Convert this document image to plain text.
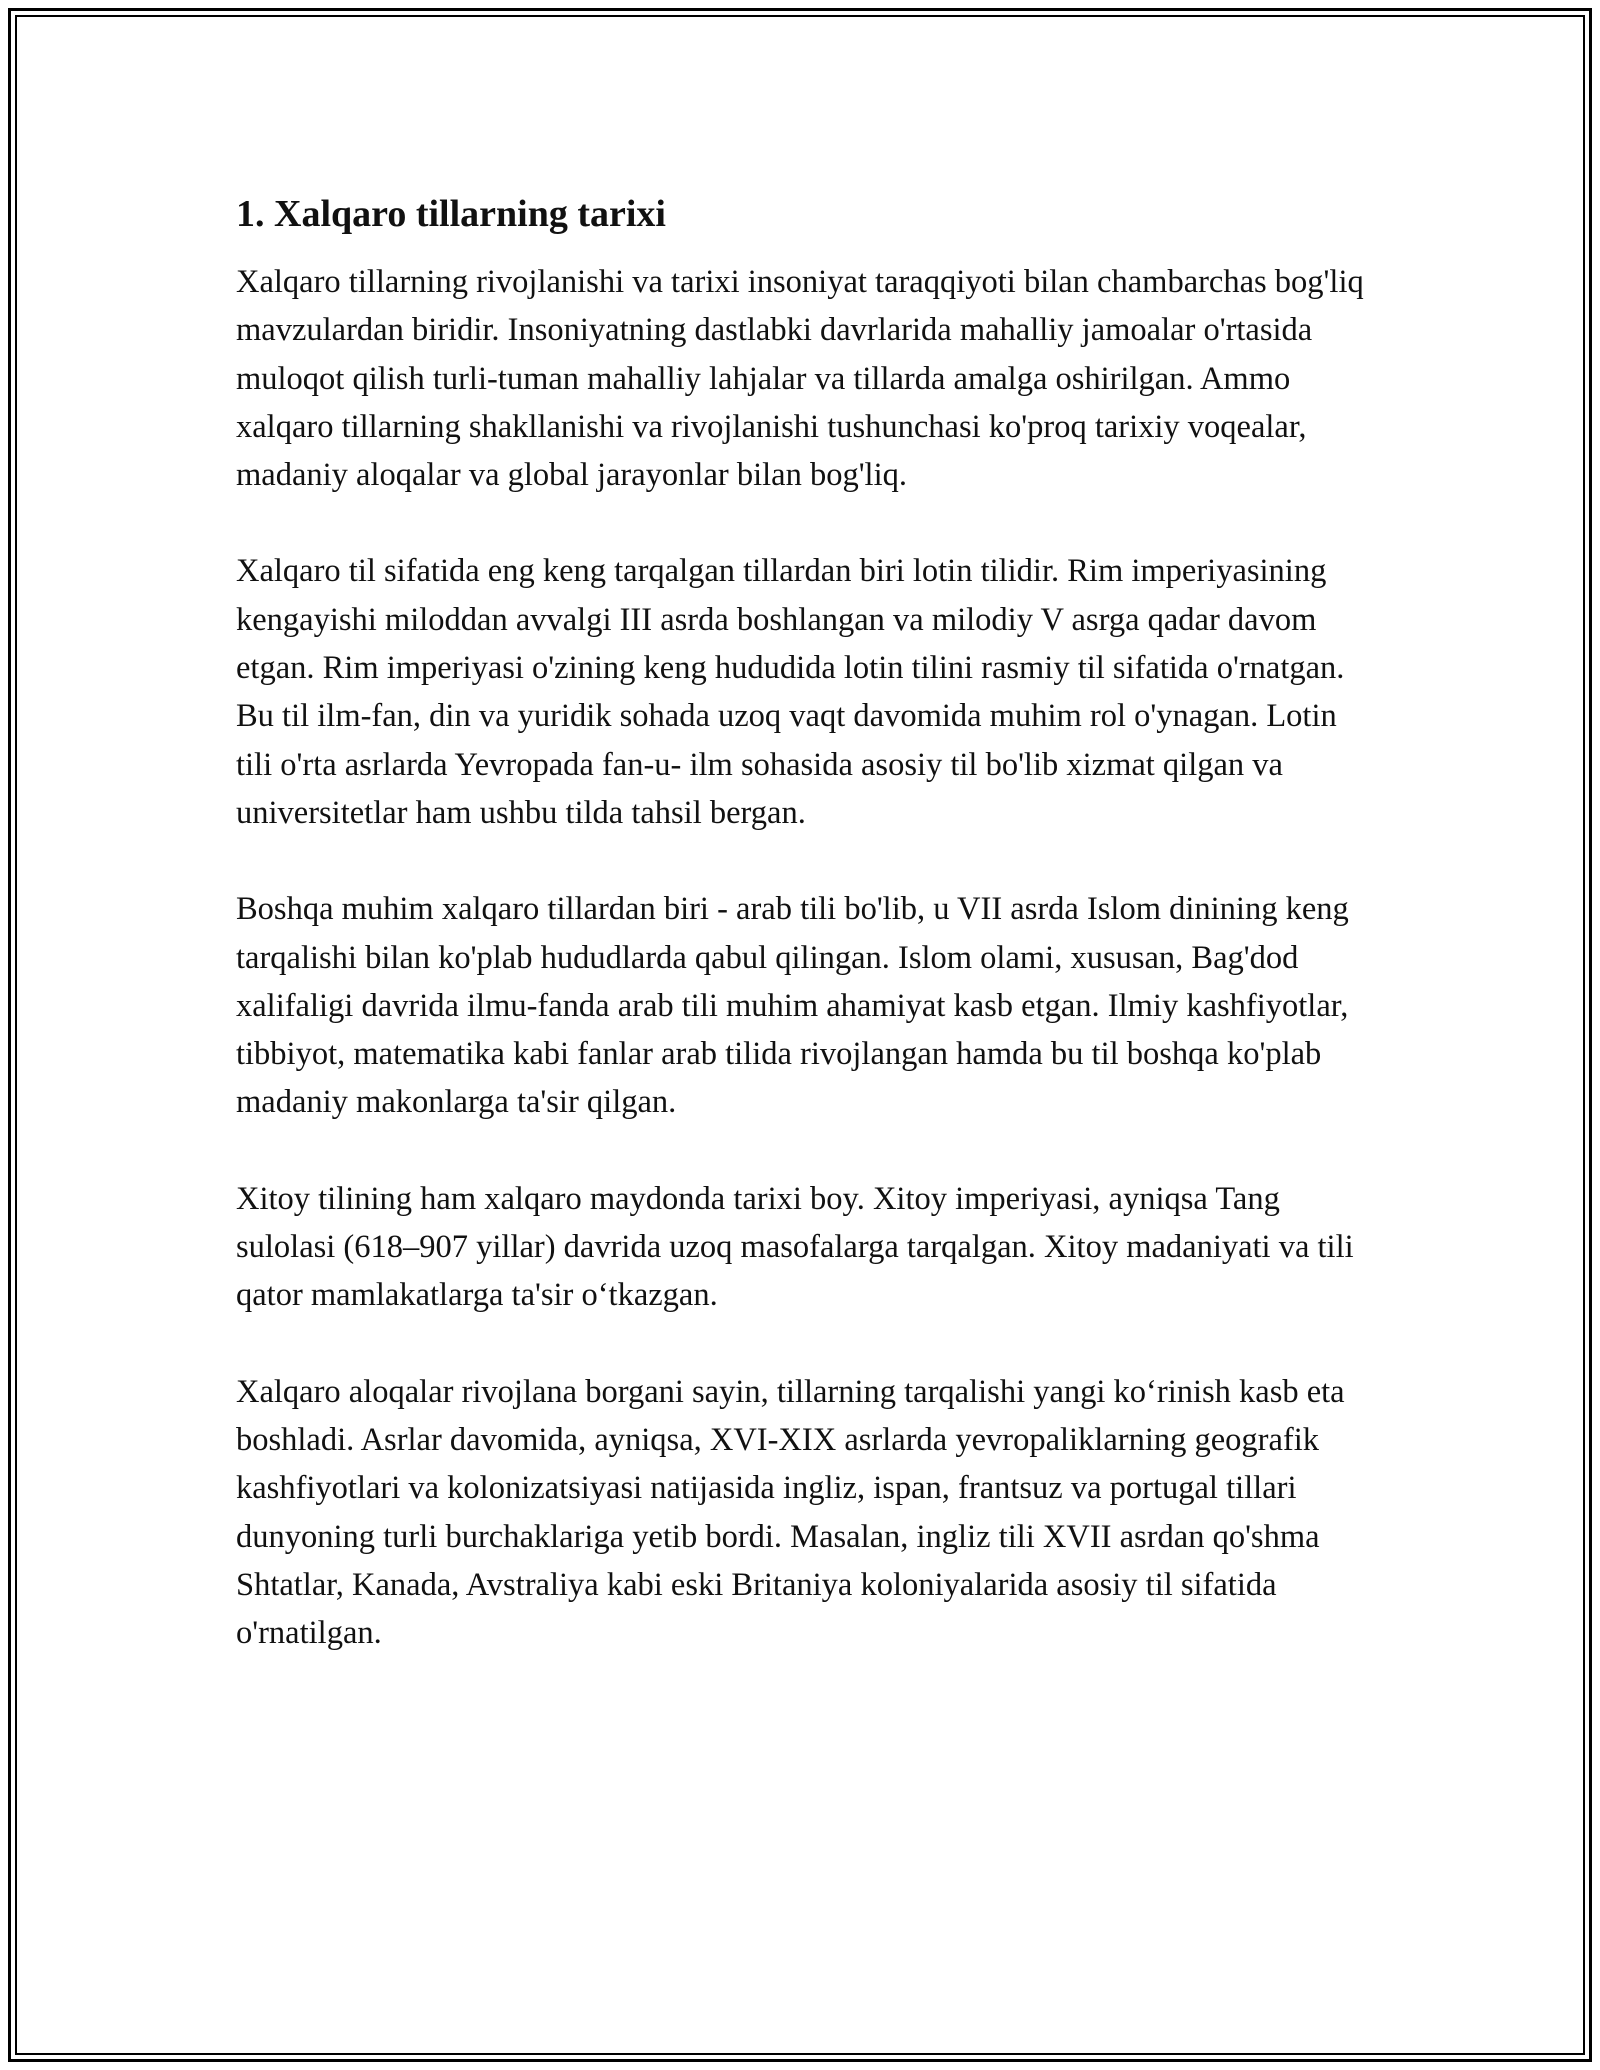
1. Xalqaro tillarning tarixi

Xalqaro tillarning rivojlanishi va tarixi insoniyat taraqqiyoti bilan chambarchas bog'liq mavzulardan biridir. Insoniyatning dastlabki davrlarida mahalliy jamoalar o'rtasida muloqot qilish turli-tuman mahalliy lahjalar va tillarda amalga oshirilgan. Ammo xalqaro tillarning shakllanishi va rivojlanishi tushunchasi ko'proq tarixiy voqealar, madaniy aloqalar va global jarayonlar bilan bog'liq.

Xalqaro til sifatida eng keng tarqalgan tillardan biri lotin tilidir. Rim imperiyasining kengayishi miloddan avvalgi III asrda boshlangan va milodiy V asrga qadar davom etgan. Rim imperiyasi o'zining keng hududida lotin tilini rasmiy til sifatida o'rnatgan. Bu til ilm-fan, din va yuridik sohada uzoq vaqt davomida muhim rol o'ynagan. Lotin tili o'rta asrlarda Yevropada fan-u- ilm sohasida asosiy til bo'lib xizmat qilgan va universitetlar ham ushbu tilda tahsil bergan.

Boshqa muhim xalqaro tillardan biri - arab tili bo'lib, u VII asrda Islom dinining keng tarqalishi bilan ko'plab hududlarda qabul qilingan. Islom olami, xususan, Bag'dod xalifaligi davrida ilmu-fanda arab tili muhim ahamiyat kasb etgan. Ilmiy kashfiyotlar, tibbiyot, matematika kabi fanlar arab tilida rivojlangan hamda bu til boshqa ko'plab madaniy makonlarga ta'sir qilgan.

Xitoy tilining ham xalqaro maydonda tarixi boy. Xitoy imperiyasi, ayniqsa Tang sulolasi (618–907 yillar) davrida uzoq masofalarga tarqalgan. Xitoy madaniyati va tili qator mamlakatlarga ta'sir o‘tkazgan.

Xalqaro aloqalar rivojlana borgani sayin, tillarning tarqalishi yangi ko‘rinish kasb eta boshladi. Asrlar davomida, ayniqsa, XVI-XIX asrlarda yevropaliklarning geografik kashfiyotlari va kolonizatsiyasi natijasida ingliz, ispan, frantsuz va portugal tillari dunyoning turli burchaklariga yetib bordi. Masalan, ingliz tili XVII asrdan qo'shma Shtatlar, Kanada, Avstraliya kabi eski Britaniya koloniyalarida asosiy til sifatida o'rnatilgan.
